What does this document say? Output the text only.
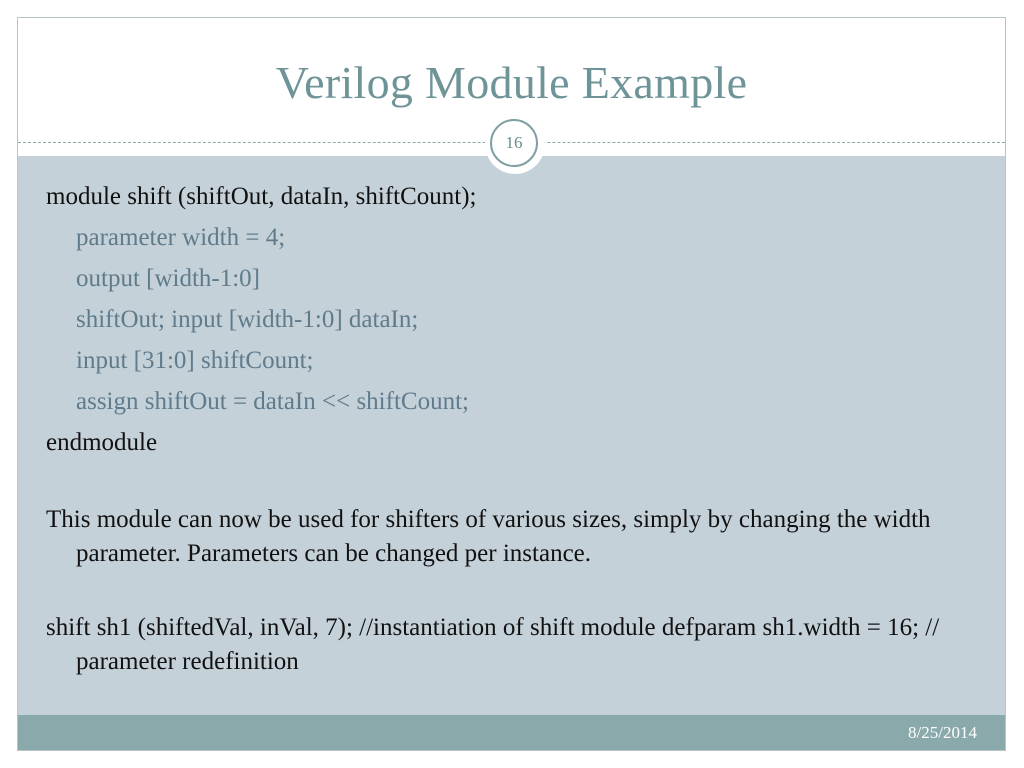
Verilog Module Example
16
module shift (shiftOut, dataIn, shiftCount);
parameter width = 4;
output [width-1:0]
shiftOut; input [width-1:0] dataIn;
input [31:0] shiftCount;
assign shiftOut = dataIn << shiftCount;
endmodule
This module can now be used for shifters of various sizes, simply by changing the width parameter. Parameters can be changed per instance.
shift sh1 (shiftedVal, inVal, 7); //instantiation of shift module defparam sh1.width = 16; // parameter redefinition
8/25/2014
